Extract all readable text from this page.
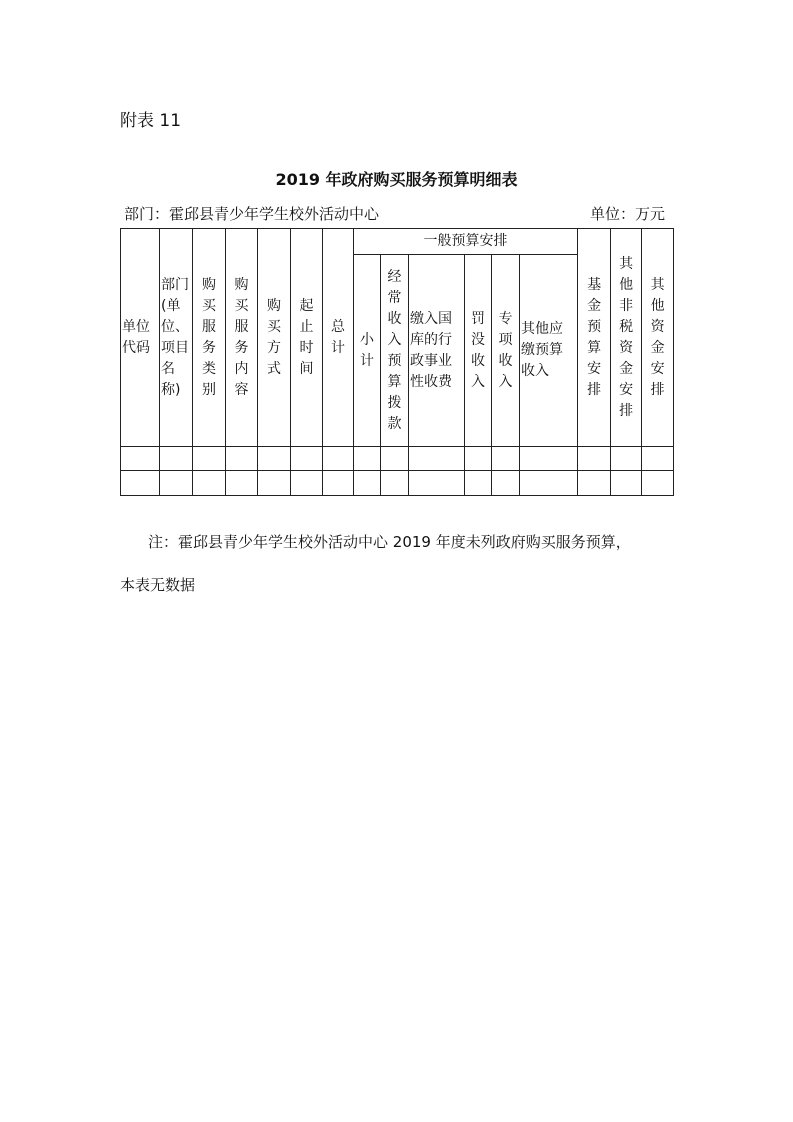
附表 11
2019 年政府购买服务预算明细表
部门：霍邱县青少年学生校外活动中心	单位：万元
单位代码	部门(单位、项目名称)	购买服务类别	购买服务内容	购买方式	起止时间	总计	一般预算安排						基金预算安排	其他非税资金安排	其他资金安排

							小计	经常收入预算拨款	缴入国库的行政事业性收费	罚没收入	专项收入	其他应缴预算收入			

注：霍邱县青少年学生校外活动中心 2019 年度未列政府购买服务预算，
本表无数据
